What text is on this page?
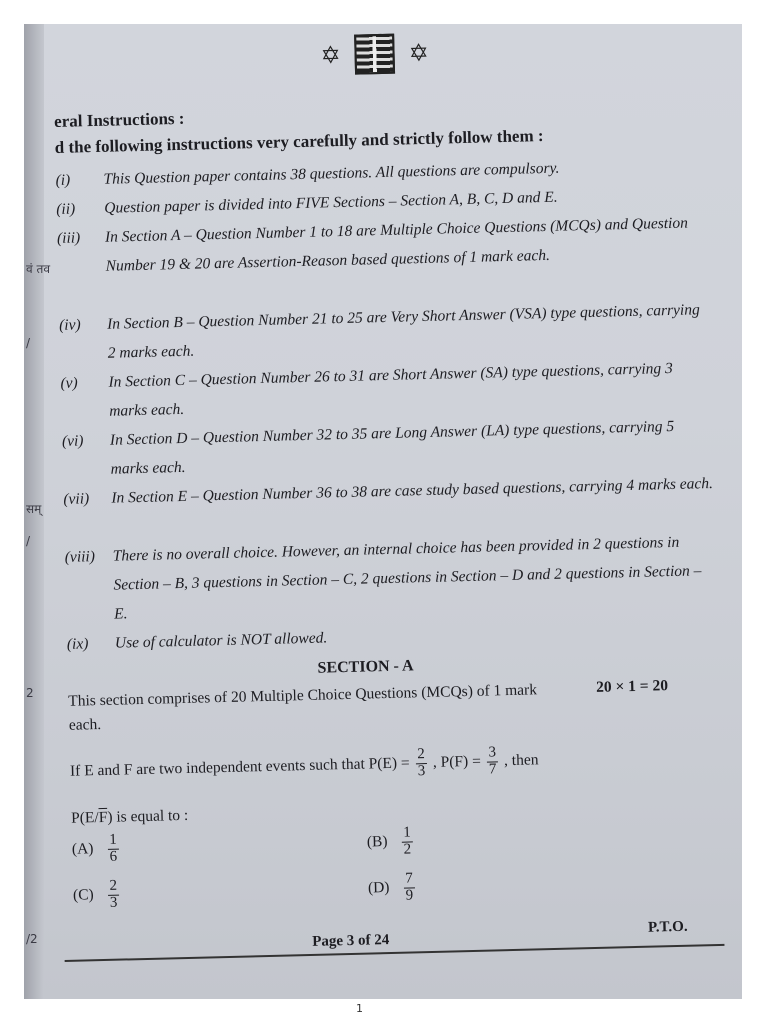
वं तव
/
सम्
/
2
/2
✡	✡
eral Instructions :
d the following instructions very carefully and strictly follow them :
(i)	This Question paper contains 38 questions. All questions are compulsory.
(ii)	Question paper is divided into FIVE Sections – Section A, B, C, D and E.
(iii)	In Section A – Question Number 1 to 18 are Multiple Choice Questions (MCQs) and Question Number 19 & 20 are Assertion-Reason based questions of 1 mark each.
(iv)	In Section B – Question Number 21 to 25 are Very Short Answer (VSA) type questions, carrying 2 marks each.
(v)	In Section C – Question Number 26 to 31 are Short Answer (SA) type questions, carrying 3 marks each.
(vi)	In Section D – Question Number 32 to 35 are Long Answer (LA) type questions, carrying 5 marks each.
(vii)	In Section E – Question Number 36 to 38 are case study based questions, carrying 4 marks each.
(viii)	There is no overall choice. However, an internal choice has been provided in 2 questions in Section – B, 3 questions in Section – C, 2 questions in Section – D and 2 questions in Section – E.
(ix)	Use of calculator is NOT allowed.
SECTION - A
This section comprises of 20 Multiple Choice Questions (MCQs) of 1 mark each.
20 × 1 = 20
If E and F are two independent events such that $P(E) = \frac{2}{3}$ , $P(F) = \frac{3}{7}$ , then
$P(E/\overline{F})$ is equal to :
$(A) \frac{1}{6}$	$(B) \frac{1}{2}$
$(C) \frac{2}{3}$	$(D) \frac{7}{9}$
Page 3 of 24
P.T.O.
1
